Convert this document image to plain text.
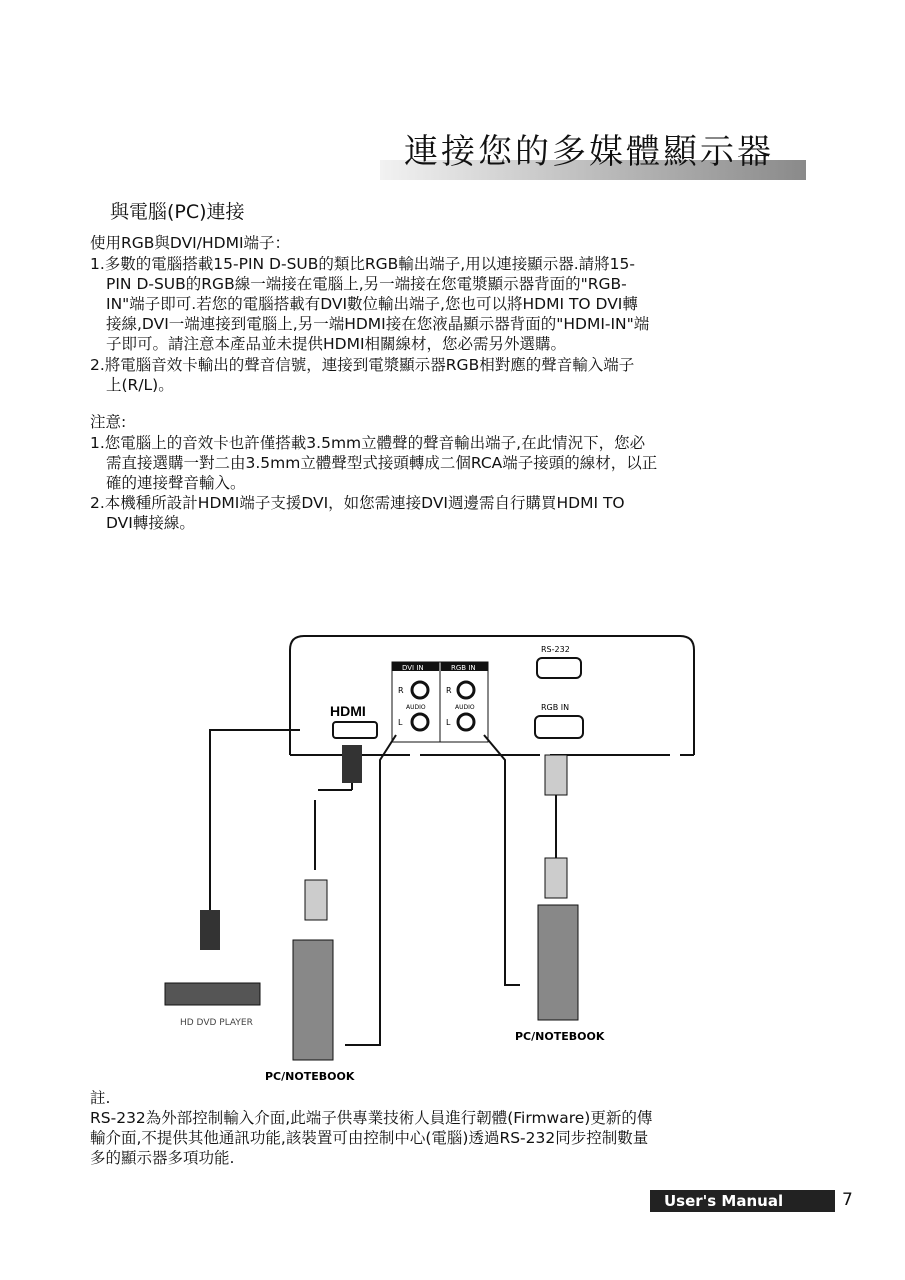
連接您的多媒體顯示器
與電腦(PC)連接
使用RGB與DVI/HDMI端子：
1.多數的電腦搭載15-PIN D-SUB的類比RGB輸出端子,用以連接顯示器.請將15-
PIN D-SUB的RGB線一端接在電腦上,另一端接在您電漿顯示器背面的"RGB-
IN"端子即可.若您的電腦搭載有DVI數位輸出端子,您也可以將HDMI TO DVI轉
接線,DVI一端連接到電腦上,另一端HDMI接在您液晶顯示器背面的"HDMI-IN"端
子即可。請注意本產品並未提供HDMI相關線材，您必需另外選購。
2.將電腦音效卡輸出的聲音信號，連接到電漿顯示器RGB相對應的聲音輸入端子
上(R/L)。
注意:
1.您電腦上的音效卡也許僅搭載3.5mm立體聲的聲音輸出端子,在此情況下，您必
需直接選購一對二由3.5mm立體聲型式接頭轉成二個RCA端子接頭的線材，以正
確的連接聲音輸入。
2.本機種所設計HDMI端子支援DVI，如您需連接DVI週邊需自行購買HDMI TO
DVI轉接線。
HDMI
DVI IN	RGB IN
R
L
R
L
AUDIO	AUDIO
RS-232
RGB IN
HD DVD PLAYER
PC/NOTEBOOK
PC/NOTEBOOK
註.
RS-232為外部控制輸入介面,此端子供專業技術人員進行韌體(Firmware)更新的傳
輸介面,不提供其他通訊功能,該裝置可由控制中心(電腦)透過RS-232同步控制數量
多的顯示器多項功能.
User's Manual	7
